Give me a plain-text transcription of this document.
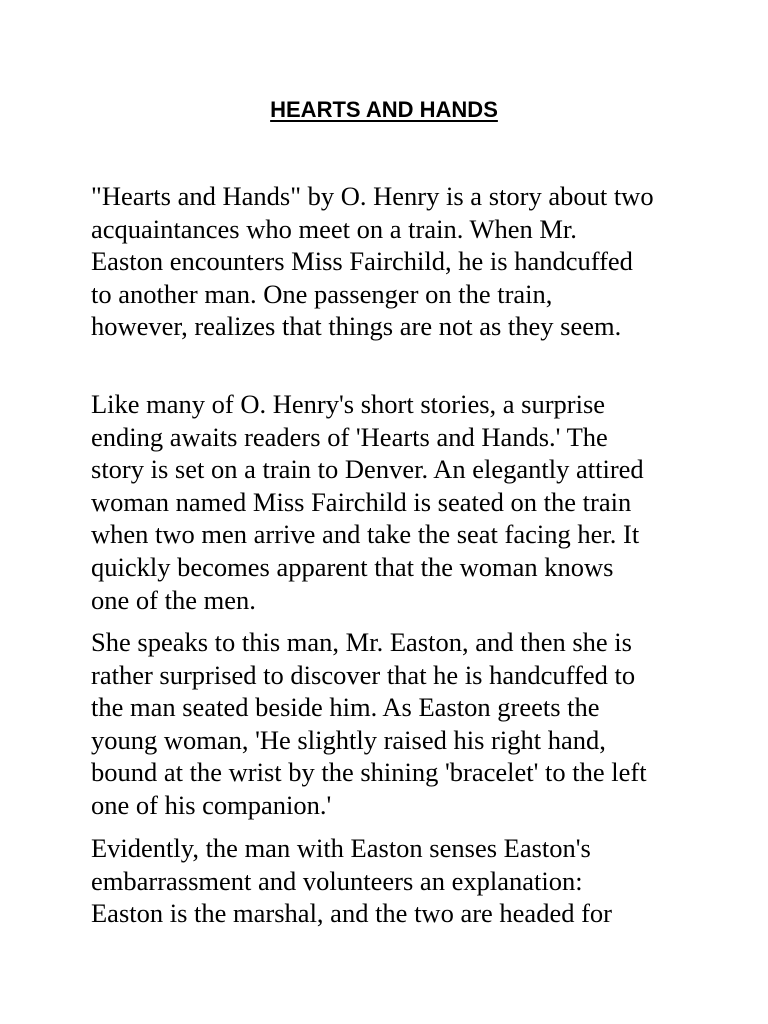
HEARTS AND HANDS

"Hearts and Hands" by O. Henry is a story about two
acquaintances who meet on a train. When Mr.
Easton encounters Miss Fairchild, he is handcuffed
to another man. One passenger on the train,
however, realizes that things are not as they seem.

Like many of O. Henry's short stories, a surprise
ending awaits readers of 'Hearts and Hands.' The
story is set on a train to Denver. An elegantly attired
woman named Miss Fairchild is seated on the train
when two men arrive and take the seat facing her. It
quickly becomes apparent that the woman knows
one of the men.

She speaks to this man, Mr. Easton, and then she is
rather surprised to discover that he is handcuffed to
the man seated beside him. As Easton greets the
young woman, 'He slightly raised his right hand,
bound at the wrist by the shining 'bracelet' to the left
one of his companion.'

Evidently, the man with Easton senses Easton's
embarrassment and volunteers an explanation:
Easton is the marshal, and the two are headed for
